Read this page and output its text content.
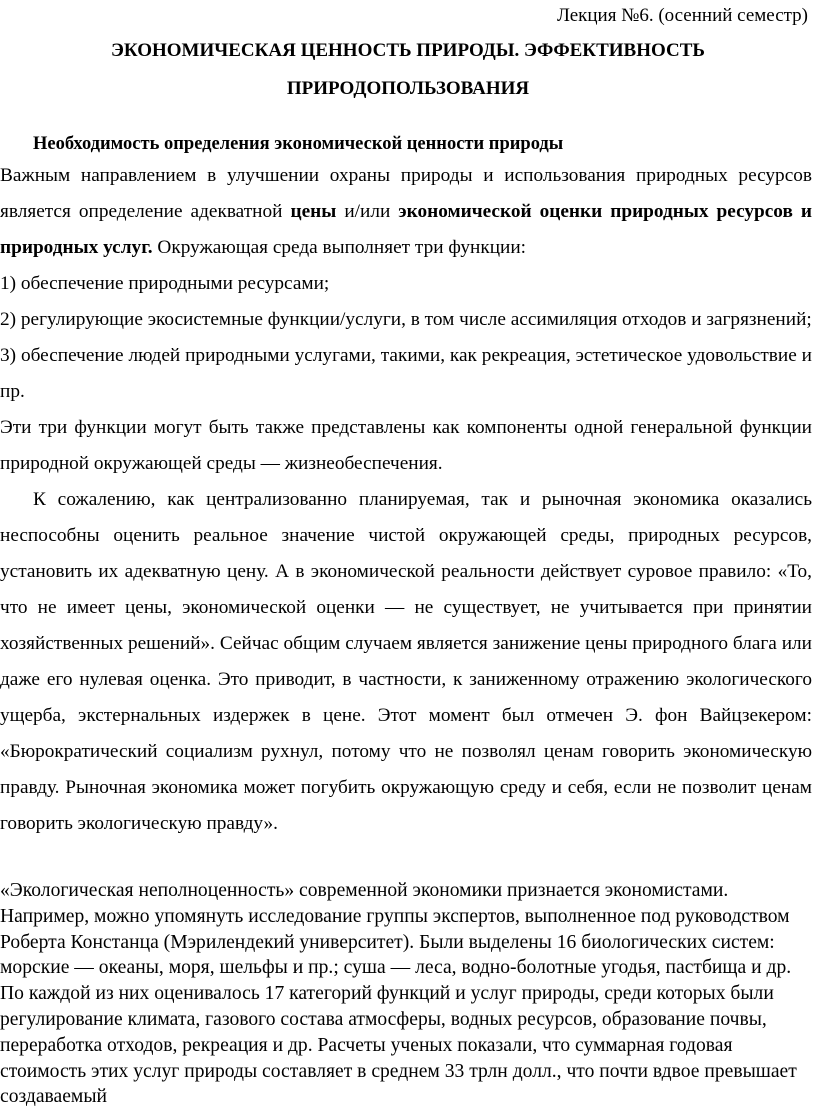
Лекция №6. (осенний семестр)
ЭКОНОМИЧЕСКАЯ ЦЕННОСТЬ ПРИРОДЫ. ЭФФЕКТИВНОСТЬ
ПРИРОДОПОЛЬЗОВАНИЯ
Необходимость определения экономической ценности природы

Важным направлением в улучшении охраны природы и использования природных ресурсов является определение адекватной цены и/или экономической оценки природных ресурсов и природных услуг. Окружающая среда выполняет три функции:

1) обеспечение природными ресурсами;

2) регулирующие экосистемные функции/услуги, в том числе ассимиляция отходов и загрязнений;

3) обеспечение людей природными услугами, такими, как рекреация, эстетическое удовольствие и пр.

Эти три функции могут быть также представлены как компоненты одной генеральной функции природной окружающей среды — жизнеобеспечения.

К сожалению, как централизованно планируемая, так и рыночная экономика оказались неспособны оценить реальное значение чистой окружающей среды, природных ресурсов, установить их адекватную цену. А в экономической реальности действует суровое правило: «То, что не имеет цены, экономической оценки — не существует, не учитывается при принятии хозяйственных решений». Сейчас общим случаем является занижение цены природного блага или даже его нулевая оценка. Это приводит, в частности, к заниженному отражению экологического ущерба, экстернальных издержек в цене. Этот момент был отмечен Э. фон Вайцзекером: «Бюрократический социализм рухнул, потому что не позволял ценам говорить экономическую правду. Рыночная экономика может погубить окружающую среду и себя, если не позволит ценам говорить экологическую правду».

«Экологическая неполноценность» современной экономики признается экономистами. Например, можно упомянуть исследование группы экспертов, выполненное под руководством Роберта Констанца (Мэрилендекий университет). Были выделены 16 биологических систем: морские — океаны, моря, шельфы и пр.; суша — леса, водно-болотные угодья, пастбища и др. По каждой из них оценивалось 17 категорий функций и услуг природы, среди которых были регулирование климата, газового состава атмосферы, водных ресурсов, образование почвы, переработка отходов, рекреация и др. Расчеты ученых показали, что суммарная годовая стоимость этих услуг природы составляет в среднем 33 трлн долл., что почти вдвое превышает создаваемый
